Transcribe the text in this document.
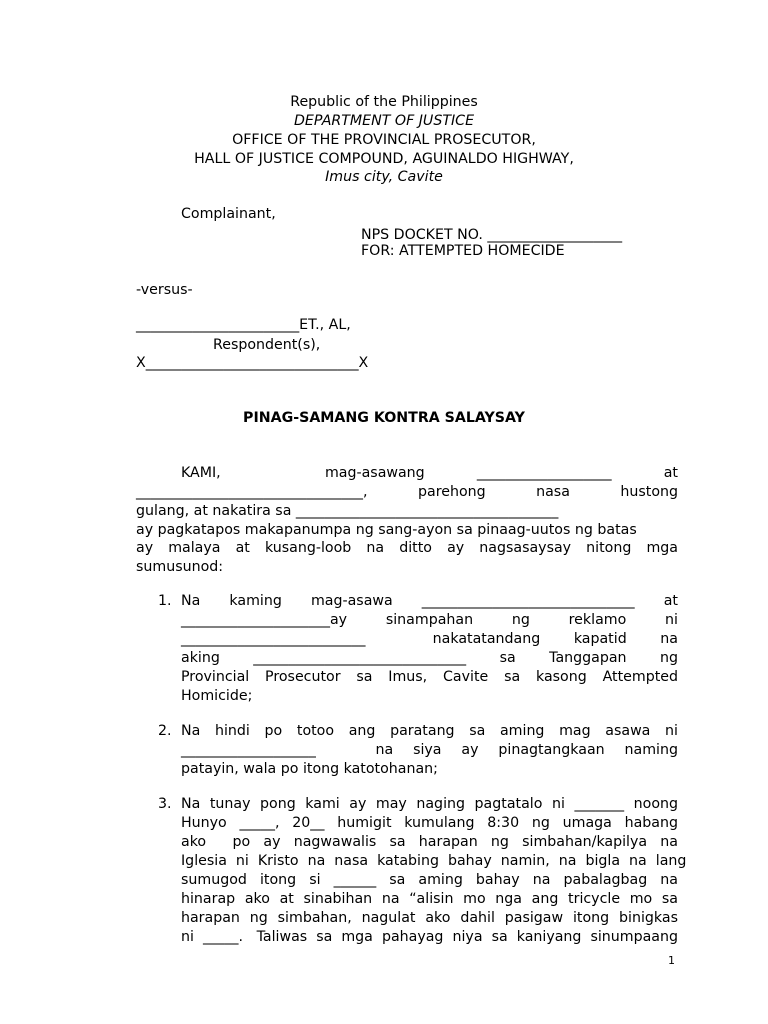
Republic of the Philippines
DEPARTMENT OF JUSTICE
OFFICE OF THE PROVINCIAL PROSECUTOR,
HALL OF JUSTICE COMPOUND, AGUINALDO HIGHWAY,
Imus city, Cavite
Complainant,
NPS DOCKET NO. ___________________
FOR: ATTEMPTED HOMECIDE
-versus-
_______________________ET., AL,
Respondent(s),
X______________________________X
PINAG-SAMANG KONTRA SALAYSAY
KAMI,          mag-asawang     ___________________     at
________________________________,  parehong  nasa  hustong
gulang, at nakatira sa _____________________________________
ay pagkatapos makapanumpa ng sang-ayon sa pinaag-uutos ng batas
ay malaya at kusang-loob na ditto ay nagsasaysay nitong mga
sumusunod:
1. Na  kaming  mag-asawa  ______________________________  at
_____________________ay   sinampahan   ng   reklamo   ni
__________________________    nakatatandang  kapatid  na
aking  ______________________________  sa  Tanggapan  ng
Provincial  Prosecutor  sa  Imus,  Cavite  sa  kasong  Attempted
Homicide;
2. Na  hindi  po  totoo  ang  paratang  sa  aming  mag  asawa  ni
___________________      na  siya  ay  pinagtangkaan  naming
patayin, wala po itong katotohanan;
3. Na tunay pong kami ay may naging pagtatalo ni _______ noong
Hunyo  _____,  20__  humigit  kumulang  8:30  ng  umaga  habang
ako    po  ay  nagwawalis  sa  harapan  ng  simbahan/kapilya  na
Iglesia  ni  Kristo  na  nasa  katabing  bahay  namin,  na  bigla  na  lang
sumugod  itong  si  ______  sa  aming  bahay  na  pabalagbag  na
hinarap  ako  at  sinabihan  na  “alisin  mo  nga  ang  tricycle  mo  sa
harapan  ng  simbahan,  nagulat  ako  dahil  pasigaw  itong  binigkas
ni  _____.   Taliwas  sa  mga  pahayag  niya  sa  kaniyang  sinumpaang
1
